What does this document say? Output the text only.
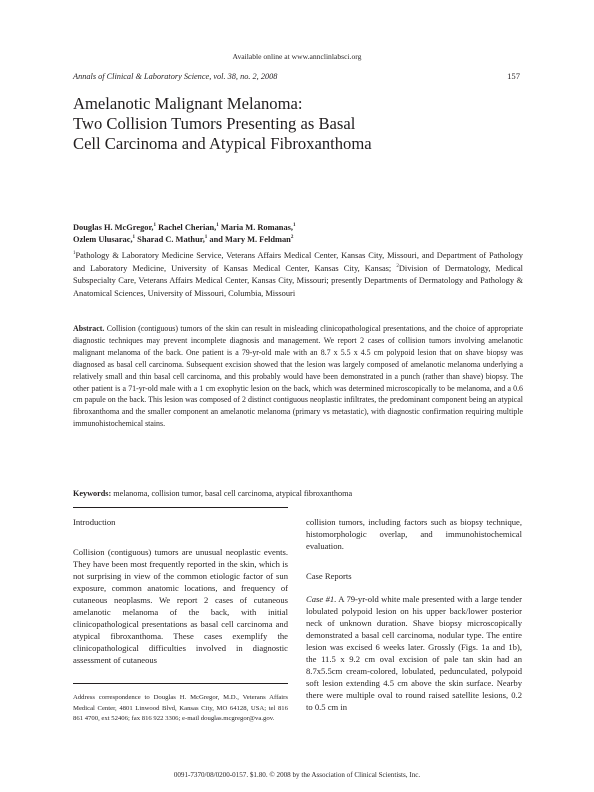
Available online at www.annclinlabsci.org
Annals of Clinical & Laboratory Science, vol. 38, no. 2, 2008	157
Amelanotic Malignant Melanoma:
Two Collision Tumors Presenting as Basal
Cell Carcinoma and Atypical Fibroxanthoma
Douglas H. McGregor,$^1$ Rachel Cherian,$^1$ Maria M. Romanas,$^1$
Ozlem Ulusarac,$^1$ Sharad C. Mathur,$^1$ and Mary M. Feldman$^2$
$^1$Pathology & Laboratory Medicine Service, Veterans Affairs Medical Center, Kansas City, Missouri, and Department of Pathology and Laboratory Medicine, University of Kansas Medical Center, Kansas City, Kansas; $^2$Division of Dermatology, Medical Subspecialty Care, Veterans Affairs Medical Center, Kansas City, Missouri; presently Departments of Dermatology and Pathology & Anatomical Sciences, University of Missouri, Columbia, Missouri
Abstract. Collision (contiguous) tumors of the skin can result in misleading clinicopathological presentations, and the choice of appropriate diagnostic techniques may prevent incomplete diagnosis and management. We report 2 cases of collision tumors involving amelanotic malignant melanoma of the back. One patient is a 79-yr-old male with an 8.7 x 5.5 x 4.5 cm polypoid lesion that on shave biopsy was diagnosed as basal cell carcinoma. Subsequent excision showed that the lesion was largely composed of amelanotic melanoma underlying a relatively small and thin basal cell carcinoma, and this probably would have been demonstrated in a punch (rather than shave) biopsy. The other patient is a 71-yr-old male with a 1 cm exophytic lesion on the back, which was determined microscopically to be melanoma, and a 0.6 cm papule on the back. This lesion was composed of 2 distinct contiguous neoplastic infiltrates, the predominant component being an atypical fibroxanthoma and the smaller component an amelanotic melanoma (primary vs metastatic), with diagnostic confirmation requiring multiple immunohistochemical stains.
Keywords: melanoma, collision tumor, basal cell carcinoma, atypical fibroxanthoma
Introduction
Collision (contiguous) tumors are unusual neoplastic events. They have been most frequently reported in the skin, which is not surprising in view of the common etiologic factor of sun exposure, common anatomic locations, and frequency of cutaneous neoplasms. We report 2 cases of cutaneous amelanotic melanoma of the back, with initial clinicopathological presentations as basal cell carcinoma and atypical fibroxanthoma. These cases exemplify the clinicopathological difficulties involved in diagnostic assessment of cutaneous
Address correspondence to Douglas H. McGregor, M.D., Veterans Affairs Medical Center, 4801 Linwood Blvd, Kansas City, MO 64128, USA; tel 816 861 4700, ext 52406; fax 816 922 3306; e-mail douglas.mcgregor@va.gov.
collision tumors, including factors such as biopsy technique, histomorphologic overlap, and immunohistochemical evaluation.
Case Reports
Case #1. A 79-yr-old white male presented with a large tender lobulated polypoid lesion on his upper back/lower posterior neck of unknown duration. Shave biopsy microscopically demonstrated a basal cell carcinoma, nodular type. The entire lesion was excised 6 weeks later. Grossly (Figs. 1a and 1b), the 11.5 x 9.2 cm oval excision of pale tan skin had an 8.7x5.5cm cream-colored, lobulated, pedunculated, polypoid soft lesion extending 4.5 cm above the skin surface. Nearby there were multiple oval to round raised satellite lesions, 0.2 to 0.5 cm in
0091-7370/08/0200-0157. $1.80. © 2008 by the Association of Clinical Scientists, Inc.
